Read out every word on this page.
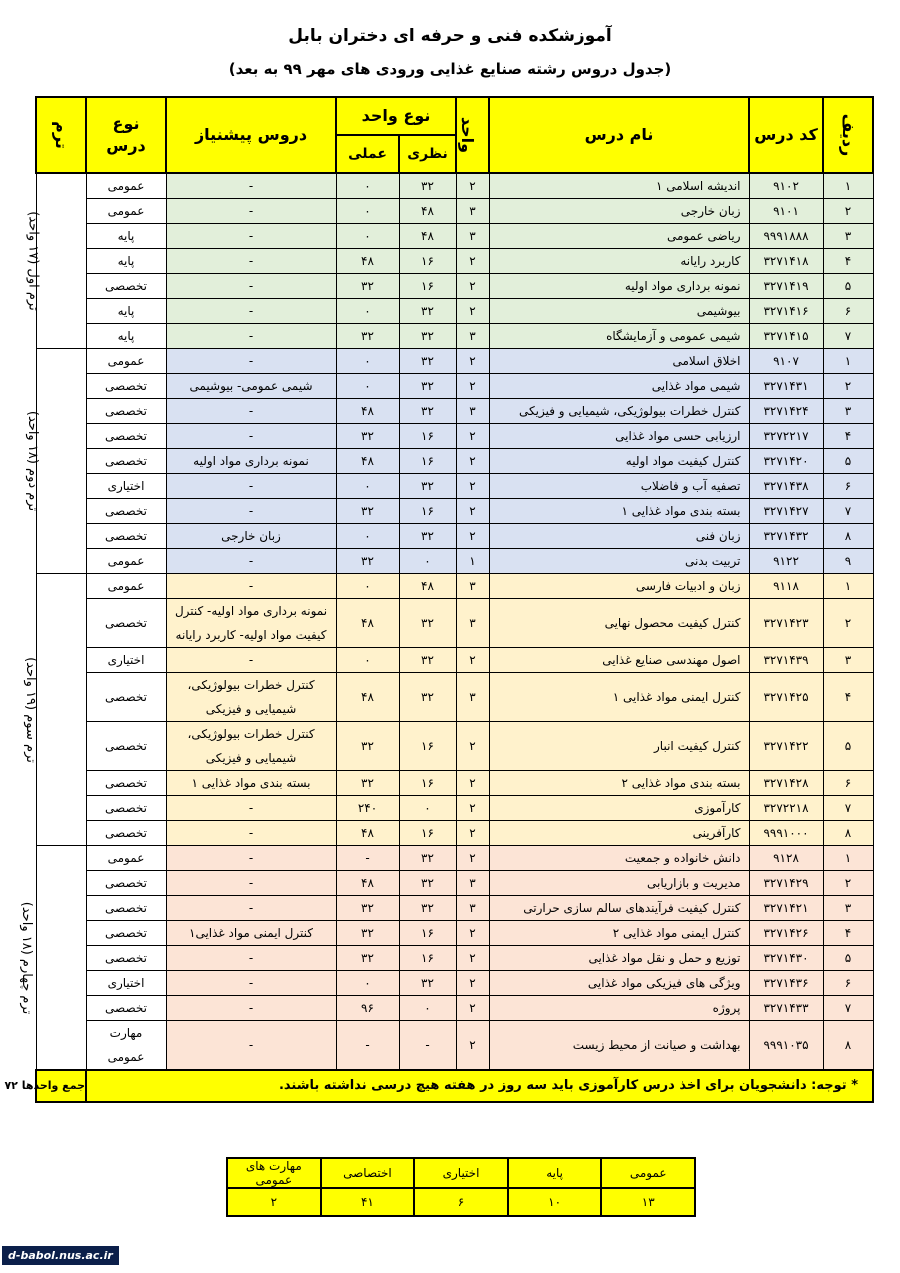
آموزشکده فنی و حرفه ای دختران بابل
(جدول دروس رشته صنایع غذایی ورودی های مهر ۹۹ به بعد)
ردیف	کد درس	نام درس	واحد	نوع واحد		دروس پیشنیاز	نوع درس	ترم
				نظری	عملی			
۱	۹۱۰۲	اندیشه اسلامی ۱	۲	۳۲	۰	-	عمومی	ترم اول (۱۷ واحد)
۲	۹۱۰۱	زبان خارجی	۳	۴۸	۰	-	عمومی	
۳	۹۹۹۱۸۸۸	ریاضی عمومی	۳	۴۸	۰	-	پایه	
۴	۳۲۷۱۴۱۸	کاربرد رایانه	۲	۱۶	۴۸	-	پایه	
۵	۳۲۷۱۴۱۹	نمونه برداری مواد اولیه	۲	۱۶	۳۲	-	تخصصی	
۶	۳۲۷۱۴۱۶	بیوشیمی	۲	۳۲	۰	-	پایه	
۷	۳۲۷۱۴۱۵	شیمی عمومی و آزمایشگاه	۳	۳۲	۳۲	-	پایه	
۱	۹۱۰۷	اخلاق اسلامی	۲	۳۲	۰	-	عمومی	ترم دوم (۱۸ واحد)
۲	۳۲۷۱۴۳۱	شیمی مواد غذایی	۲	۳۲	۰	شیمی عمومی- بیوشیمی	تخصصی	
۳	۳۲۷۱۴۲۴	کنترل خطرات بیولوژیکی، شیمیایی و فیزیکی	۳	۳۲	۴۸	-	تخصصی	
۴	۳۲۷۲۲۱۷	ارزیابی حسی مواد غذایی	۲	۱۶	۳۲	-	تخصصی	
۵	۳۲۷۱۴۲۰	کنترل کیفیت مواد اولیه	۲	۱۶	۴۸	نمونه برداری مواد اولیه	تخصصی	
۶	۳۲۷۱۴۳۸	تصفیه آب و فاضلاب	۲	۳۲	۰	-	اختیاری	
۷	۳۲۷۱۴۲۷	بسته بندی مواد غذایی ۱	۲	۱۶	۳۲	-	تخصصی	
۸	۳۲۷۱۴۳۲	زبان فنی	۲	۳۲	۰	زبان خارجی	تخصصی	
۹	۹۱۲۲	تربیت بدنی	۱	۰	۳۲	-	عمومی	
۱	۹۱۱۸	زبان و ادبیات فارسی	۳	۴۸	۰	-	عمومی	ترم سوم (۱۹ واحد)
۲	۳۲۷۱۴۲۳	کنترل کیفیت محصول نهایی	۳	۳۲	۴۸	نمونه برداری مواد اولیه- کنترل کیفیت مواد اولیه- کاربرد رایانه	تخصصی	
۳	۳۲۷۱۴۳۹	اصول مهندسی صنایع غذایی	۲	۳۲	۰	-	اختیاری	
۴	۳۲۷۱۴۲۵	کنترل ایمنی مواد غذایی ۱	۳	۳۲	۴۸	کنترل خطرات بیولوژیکی، شیمیایی و فیزیکی	تخصصی	
۵	۳۲۷۱۴۲۲	کنترل کیفیت انبار	۲	۱۶	۳۲	کنترل خطرات بیولوژیکی، شیمیایی و فیزیکی	تخصصی	
۶	۳۲۷۱۴۲۸	بسته بندی مواد غذایی ۲	۲	۱۶	۳۲	بسته بندی مواد غذایی ۱	تخصصی	
۷	۳۲۷۲۲۱۸	کارآموزی	۲	۰	۲۴۰	-	تخصصی	
۸	۹۹۹۱۰۰۰	کارآفرینی	۲	۱۶	۴۸	-	تخصصی	
۱	۹۱۲۸	دانش خانواده و جمعیت	۲	۳۲	-	-	عمومی	ترم چهارم (۱۸ واحد)
۲	۳۲۷۱۴۲۹	مدیریت و بازاریابی	۳	۳۲	۴۸	-	تخصصی	
۳	۳۲۷۱۴۲۱	کنترل کیفیت فرآیندهای سالم سازی حرارتی	۳	۳۲	۳۲	-	تخصصی	
۴	۳۲۷۱۴۲۶	کنترل ایمنی مواد غذایی ۲	۲	۱۶	۳۲	کنترل ایمنی مواد غذایی۱	تخصصی	
۵	۳۲۷۱۴۳۰	توزیع و حمل و نقل مواد غذایی	۲	۱۶	۳۲	-	تخصصی	
۶	۳۲۷۱۴۳۶	ویژگی های فیزیکی مواد غذایی	۲	۳۲	۰	-	اختیاری	
۷	۳۲۷۱۴۳۳	پروژه	۲	۰	۹۶	-	تخصصی	
۸	۹۹۹۱۰۳۵	بهداشت و صیانت از محیط زیست	۲	-	-	-	مهارت عمومی	
* توجه: دانشجویان برای اخذ درس کارآموزی باید سه روز در هفته هیچ درسی نداشته باشند.								جمع واحدها ۷۲
عمومی	پایه	اختیاری	اختصاصی	مهارت های عمومی
۱۳	۱۰	۶	۴۱	۲
d-babol.nus.ac.ir
